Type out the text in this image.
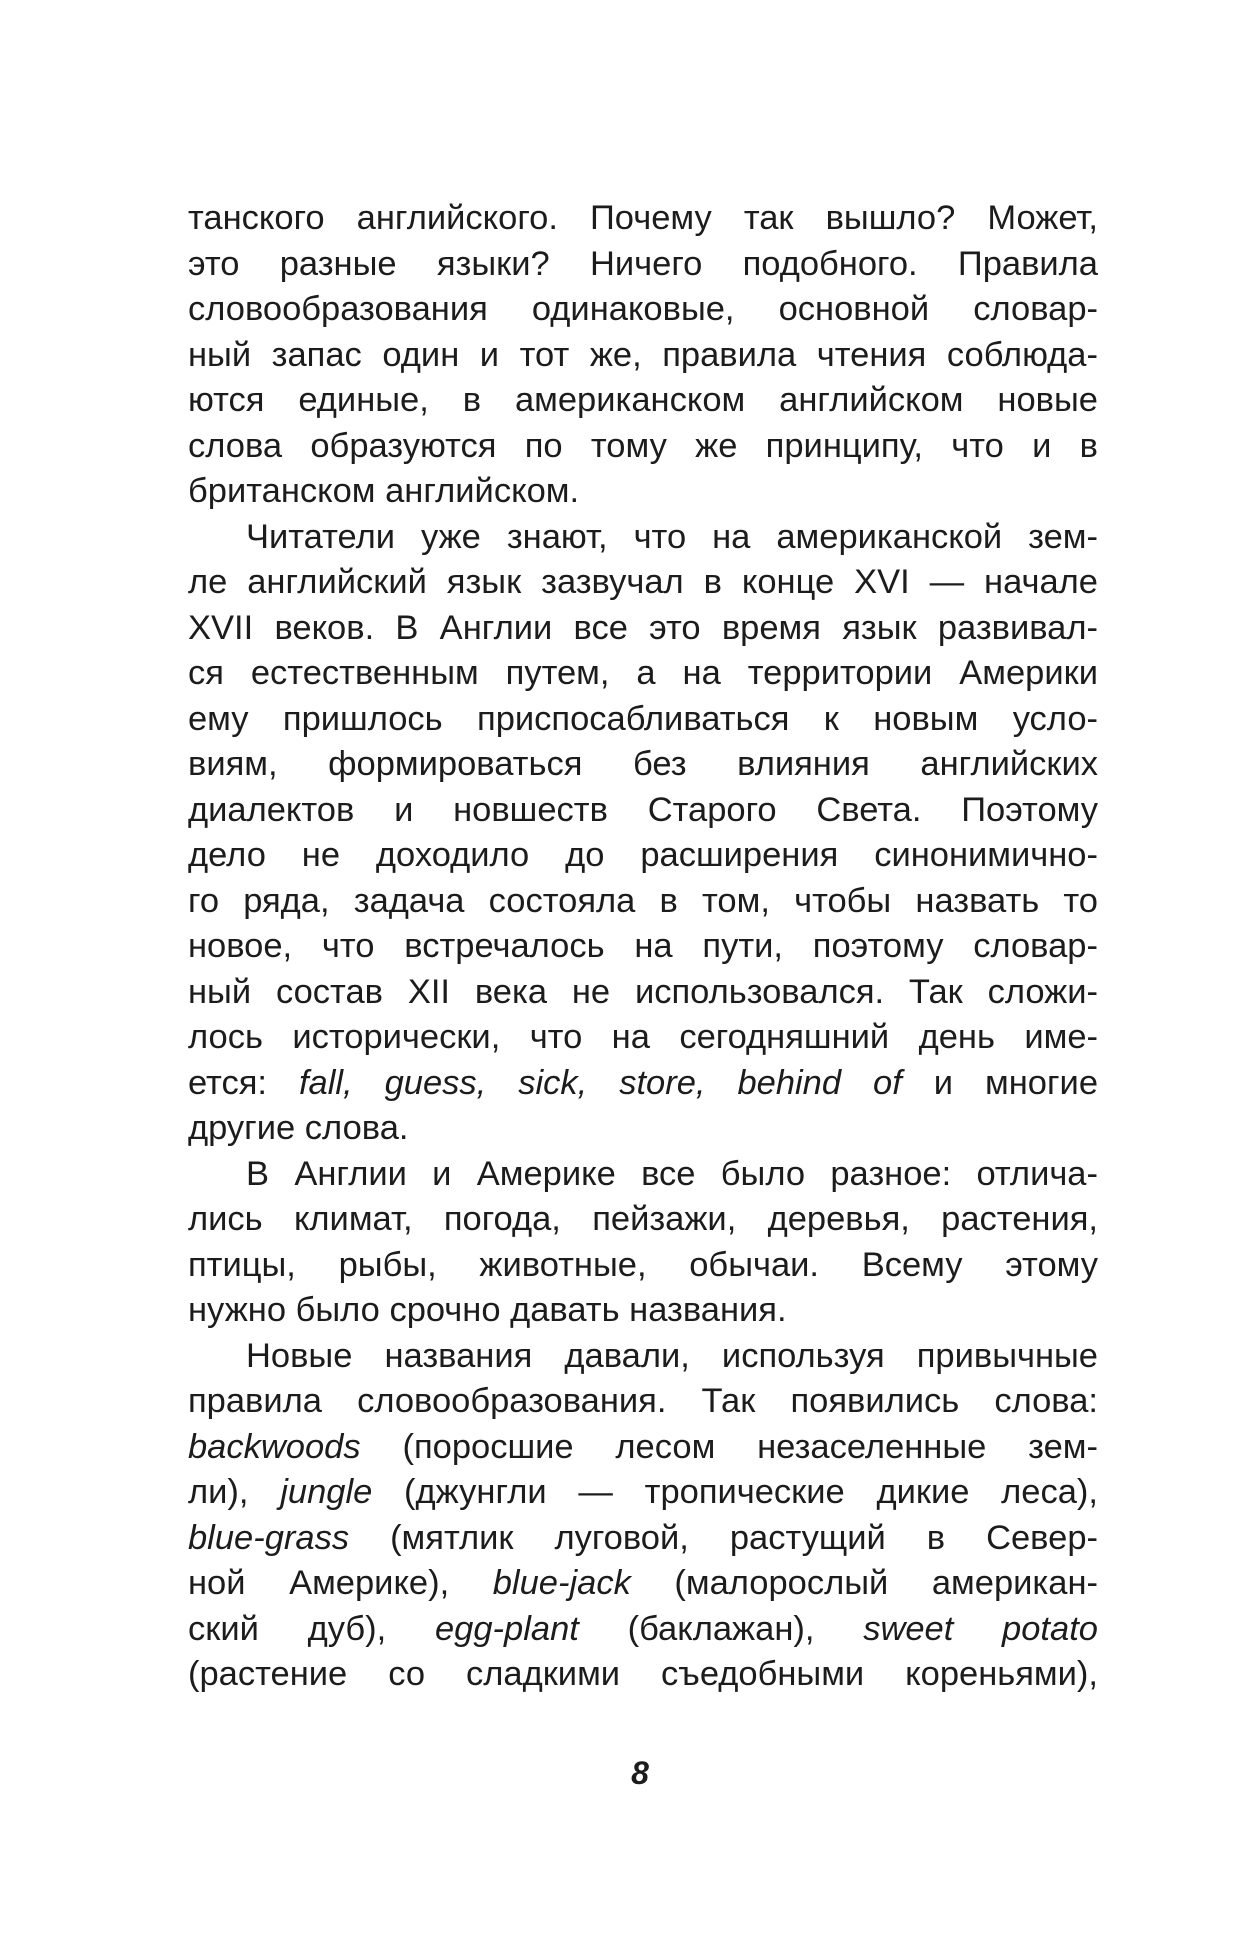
танского английского. Почему так вышло? Может,
это разные языки? Ничего подобного. Правила
словообразования одинаковые, основной словар-
ный запас один и тот же, правила чтения соблюда-
ются единые, в американском английском новые
слова образуются по тому же принципу, что и в
британском английском.
Читатели уже знают, что на американской зем-
ле английский язык зазвучал в конце XVI — начале
XVII веков. В Англии все это время язык развивал-
ся естественным путем, а на территории Америки
ему пришлось приспосабливаться к новым усло-
виям, формироваться без влияния английских
диалектов и новшеств Старого Света. Поэтому
дело не доходило до расширения синонимично-
го ряда, задача состояла в том, чтобы назвать то
новое, что встречалось на пути, поэтому словар-
ный состав XII века не использовался. Так сложи-
лось исторически, что на сегодняшний день име-
ется: fall, guess, sick, store, behind of и многие
другие слова.
В Англии и Америке все было разное: отлича-
лись климат, погода, пейзажи, деревья, растения,
птицы, рыбы, животные, обычаи. Всему этому
нужно было срочно давать названия.
Новые названия давали, используя привычные
правила словообразования. Так появились слова:
backwoods (поросшие лесом незаселенные зем-
ли), jungle (джунгли — тропические дикие леса),
blue-grass (мятлик луговой, растущий в Север-
ной Америке), blue-jack (малорослый американ-
ский дуб), egg-plant (баклажан), sweet potato
(растение со сладкими съедобными кореньями),
8
